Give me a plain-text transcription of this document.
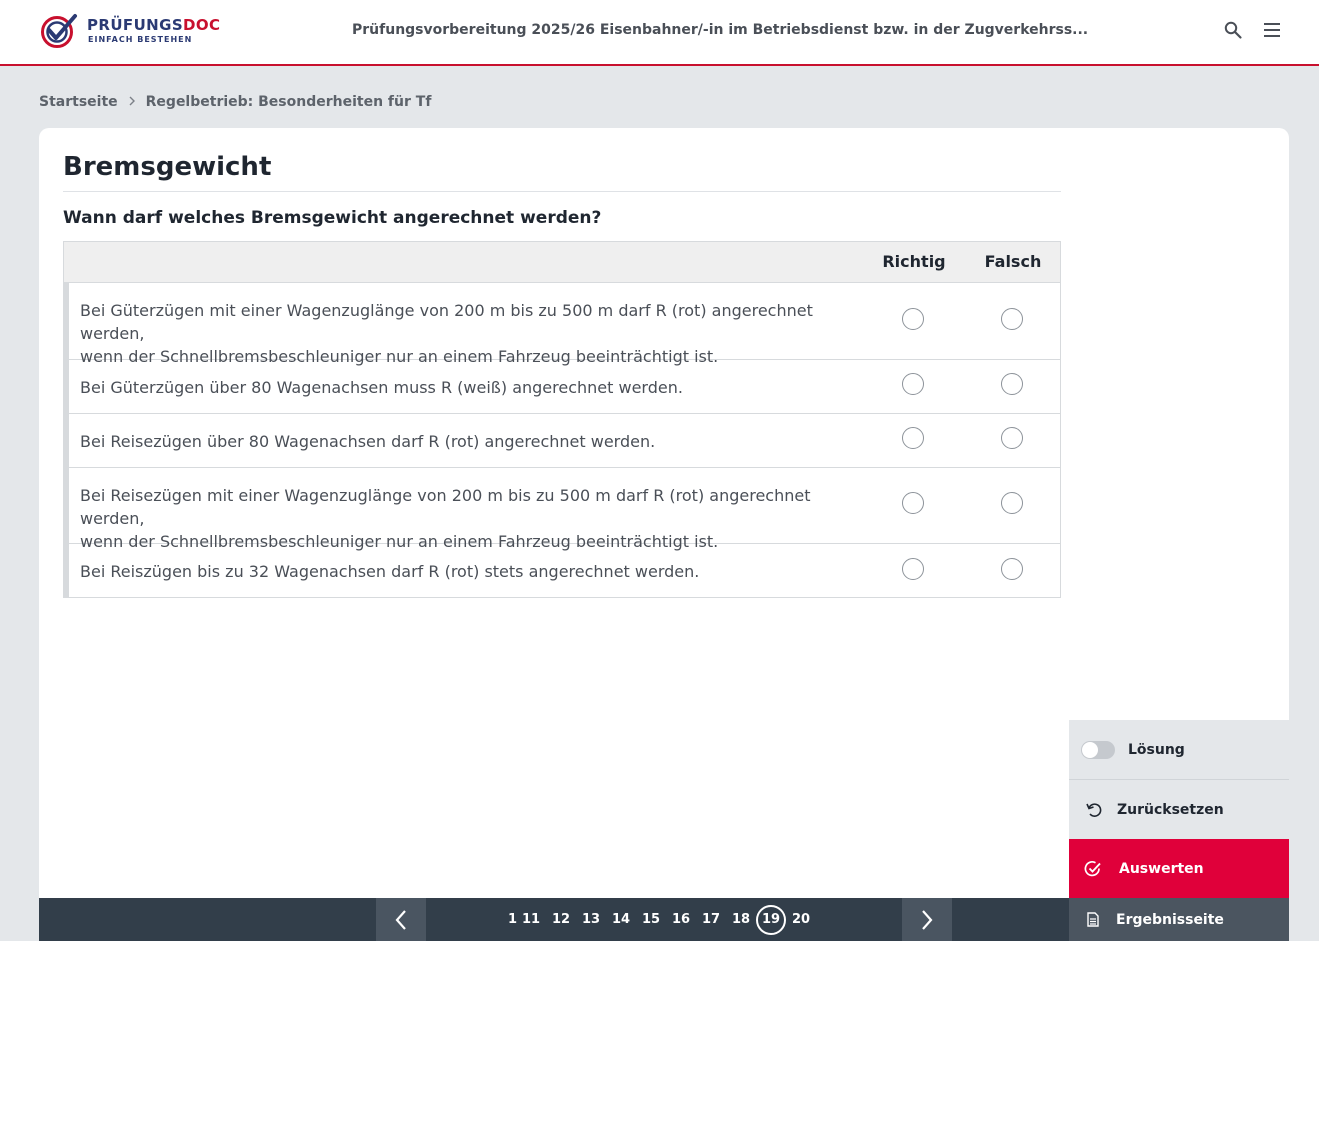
PRÜFUNGSDOC
EINFACH BESTEHEN
Prüfungsvorbereitung 2025/26 Eisenbahner/-in im Betriebsdienst bzw. in der Zugverkehrss...
Startseite Regelbetrieb: Besonderheiten für Tf
Bremsgewicht
Wann darf welches Bremsgewicht angerechnet werden?
Richtig	Falsch
Bei Güterzügen mit einer Wagenzuglänge von 200 m bis zu 500 m darf R (rot) angerechnet werden,
wenn der Schnellbremsbeschleuniger nur an einem Fahrzeug beeinträchtigt ist.
Bei Güterzügen über 80 Wagenachsen muss R (weiß) angerechnet werden.
Bei Reisezügen über 80 Wagenachsen darf R (rot) angerechnet werden.
Bei Reisezügen mit einer Wagenzuglänge von 200 m bis zu 500 m darf R (rot) angerechnet werden,
wenn der Schnellbremsbeschleuniger nur an einem Fahrzeug beeinträchtigt ist.
Bei Reiszügen bis zu 32 Wagenachsen darf R (rot) stets angerechnet werden.
1 11 12 13 14 15 16 17 18 19 20
Lösung
Zurücksetzen
Auswerten
Ergebnisseite
